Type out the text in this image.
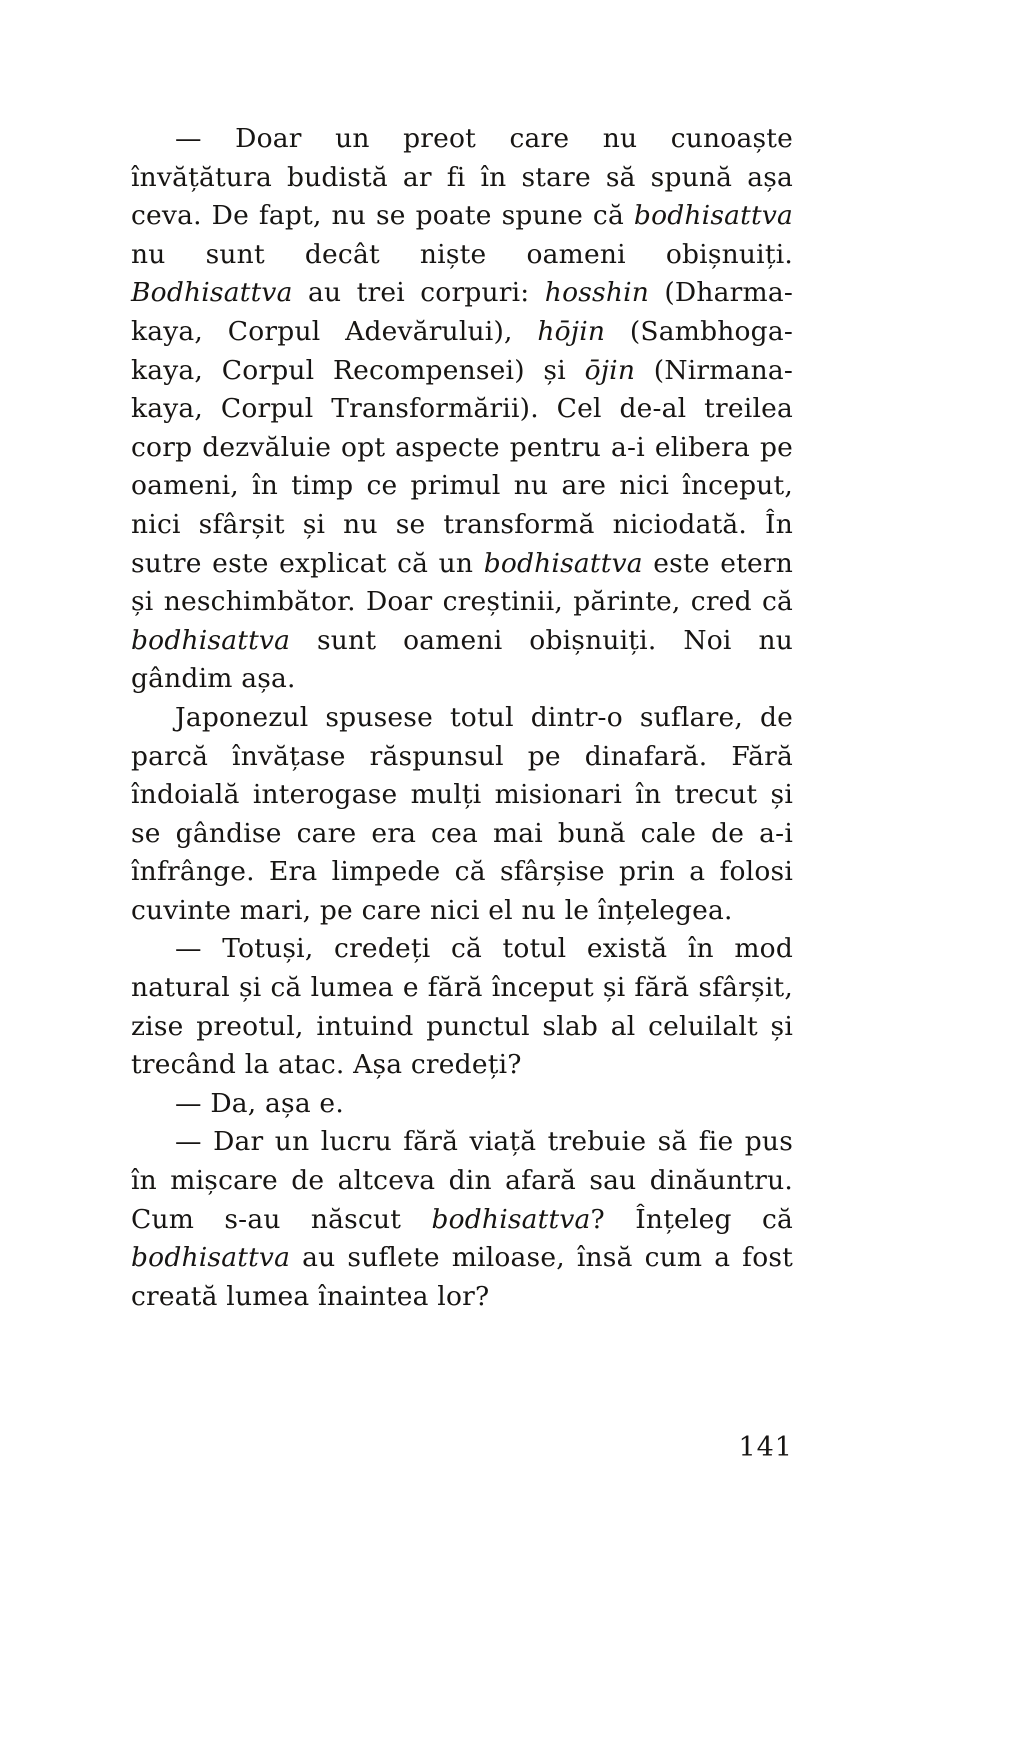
— Doar un preot care nu cunoaște învățătura budistă ar fi în stare să spună așa ceva. De fapt, nu se poate spune că bodhisattva nu sunt decât niște oameni obișnuiți. Bodhisattva au trei corpuri: hosshin (Dharma-kaya, Corpul Adevărului), hōjin (Sambhoga-kaya, Corpul Recompensei) și ōjin (Nirmana-kaya, Corpul Transformării). Cel de-al treilea corp dezvăluie opt aspecte pentru a-i elibera pe oameni, în timp ce primul nu are nici început, nici sfârșit și nu se transformă niciodată. În sutre este explicat că un bodhisattva este etern și neschimbător. Doar creștinii, părinte, cred că bodhisattva sunt oameni obișnuiți. Noi nu gândim așa.

Japonezul spusese totul dintr-o suflare, de parcă învățase răspunsul pe dinafară. Fără îndoială interogase mulți misionari în trecut și se gândise care era cea mai bună cale de a-i înfrânge. Era limpede că sfârșise prin a folosi cuvinte mari, pe care nici el nu le înțelegea.

— Totuși, credeți că totul există în mod natural și că lumea e fără început și fără sfârșit, zise preotul, intuind punctul slab al celuilalt și trecând la atac. Așa credeți?

— Da, așa e.

— Dar un lucru fără viață trebuie să fie pus în mișcare de altceva din afară sau dinăuntru. Cum s-au născut bodhisattva? Înțeleg că bodhisattva au suflete miloase, însă cum a fost creată lumea înaintea lor?

141
